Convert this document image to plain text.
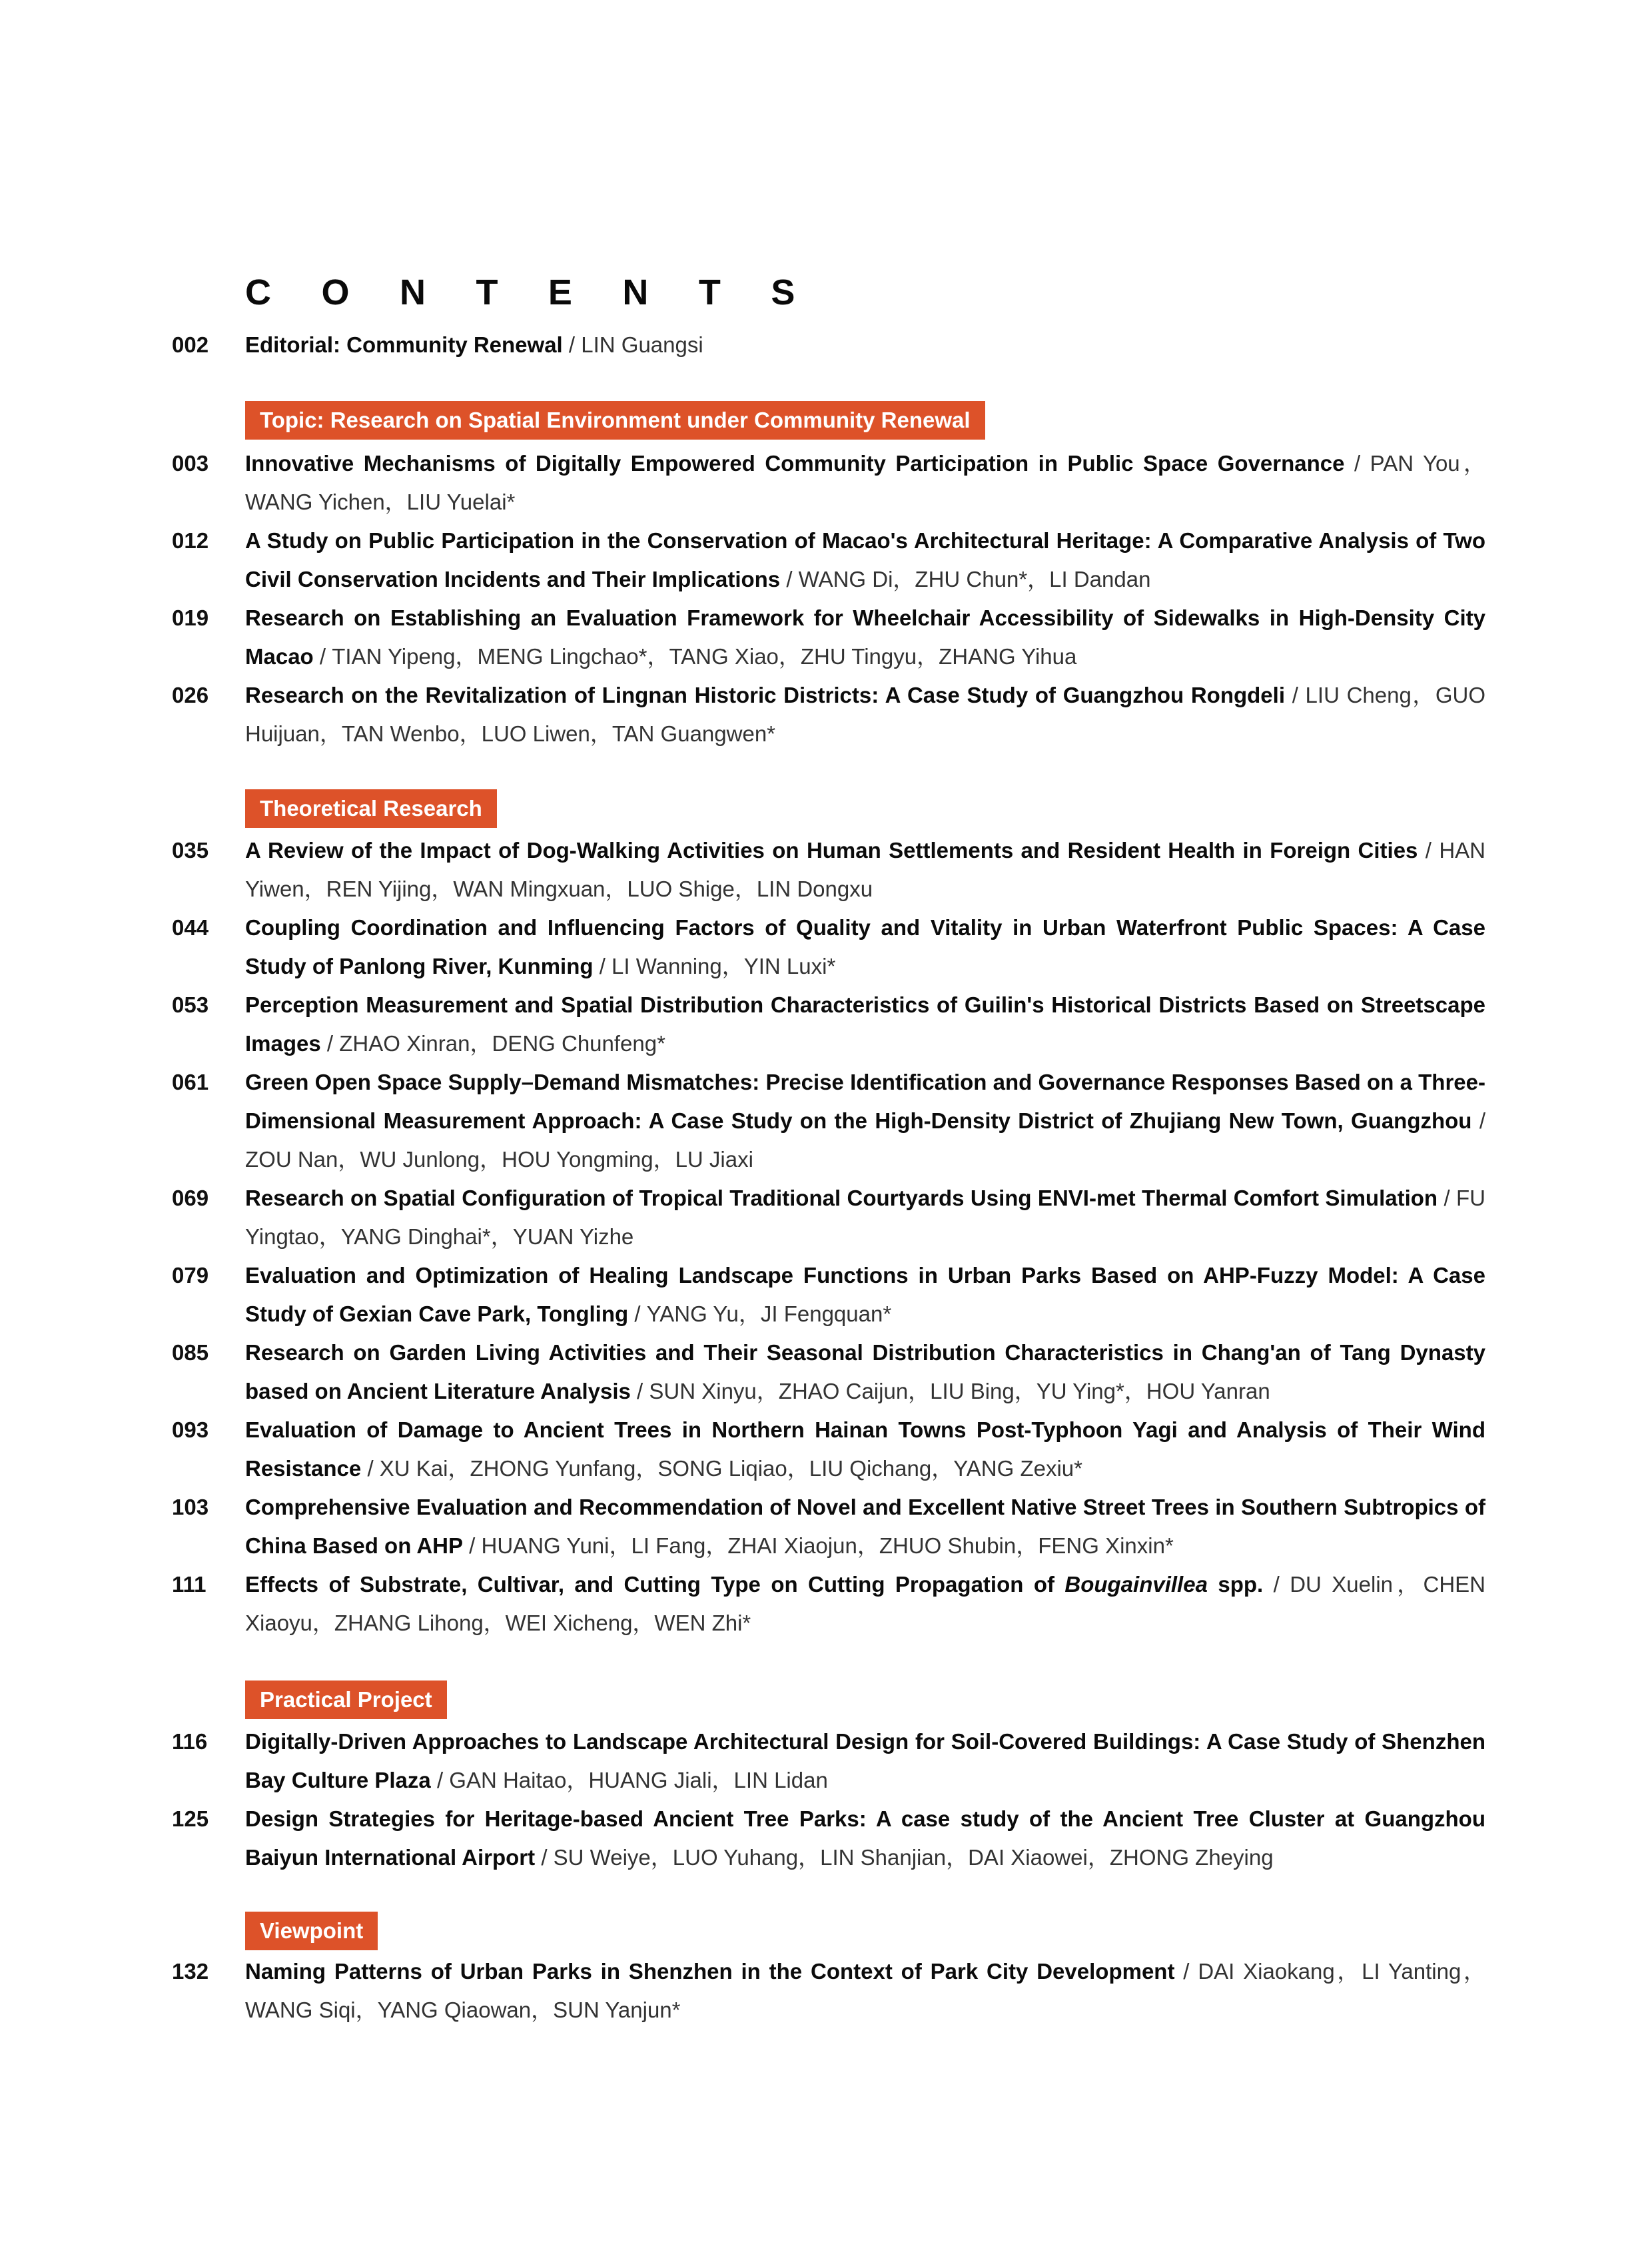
C O N T E N T S
002 Editorial: Community Renewal / LIN Guangsi
Topic: Research on Spatial Environment under Community Renewal
003 Innovative Mechanisms of Digitally Empowered Community Participation in Public Space Governance / PAN You，WANG Yichen，LIU Yuelai*
012 A Study on Public Participation in the Conservation of Macao's Architectural Heritage: A Comparative Analysis of Two Civil Conservation Incidents and Their Implications / WANG Di，ZHU Chun*，LI Dandan
019 Research on Establishing an Evaluation Framework for Wheelchair Accessibility of Sidewalks in High-Density City Macao / TIAN Yipeng，MENG Lingchao*，TANG Xiao，ZHU Tingyu，ZHANG Yihua
026 Research on the Revitalization of Lingnan Historic Districts: A Case Study of Guangzhou Rongdeli / LIU Cheng，GUO Huijuan，TAN Wenbo，LUO Liwen，TAN Guangwen*
Theoretical Research
035 A Review of the Impact of Dog-Walking Activities on Human Settlements and Resident Health in Foreign Cities / HAN Yiwen，REN Yijing，WAN Mingxuan，LUO Shige，LIN Dongxu
044 Coupling Coordination and Influencing Factors of Quality and Vitality in Urban Waterfront Public Spaces: A Case Study of Panlong River, Kunming / LI Wanning，YIN Luxi*
053 Perception Measurement and Spatial Distribution Characteristics of Guilin's Historical Districts Based on Streetscape Images / ZHAO Xinran，DENG Chunfeng*
061 Green Open Space Supply–Demand Mismatches: Precise Identification and Governance Responses Based on a Three-Dimensional Measurement Approach: A Case Study on the High-Density District of Zhujiang New Town, Guangzhou / ZOU Nan，WU Junlong，HOU Yongming，LU Jiaxi
069 Research on Spatial Configuration of Tropical Traditional Courtyards Using ENVI-met Thermal Comfort Simulation / FU Yingtao，YANG Dinghai*，YUAN Yizhe
079 Evaluation and Optimization of Healing Landscape Functions in Urban Parks Based on AHP-Fuzzy Model: A Case Study of Gexian Cave Park, Tongling / YANG Yu，JI Fengquan*
085 Research on Garden Living Activities and Their Seasonal Distribution Characteristics in Chang'an of Tang Dynasty based on Ancient Literature Analysis / SUN Xinyu，ZHAO Caijun，LIU Bing，YU Ying*，HOU Yanran
093 Evaluation of Damage to Ancient Trees in Northern Hainan Towns Post-Typhoon Yagi and Analysis of Their Wind Resistance / XU Kai，ZHONG Yunfang，SONG Liqiao，LIU Qichang，YANG Zexiu*
103 Comprehensive Evaluation and Recommendation of Novel and Excellent Native Street Trees in Southern Subtropics of China Based on AHP / HUANG Yuni，LI Fang，ZHAI Xiaojun，ZHUO Shubin，FENG Xinxin*
111 Effects of Substrate, Cultivar, and Cutting Type on Cutting Propagation of Bougainvillea spp. / DU Xuelin，CHEN Xiaoyu，ZHANG Lihong，WEI Xicheng，WEN Zhi*
Practical Project
116 Digitally-Driven Approaches to Landscape Architectural Design for Soil-Covered Buildings: A Case Study of Shenzhen Bay Culture Plaza / GAN Haitao，HUANG Jiali，LIN Lidan
125 Design Strategies for Heritage-based Ancient Tree Parks: A case study of the Ancient Tree Cluster at Guangzhou Baiyun International Airport / SU Weiye，LUO Yuhang，LIN Shanjian，DAI Xiaowei，ZHONG Zheying
Viewpoint
132 Naming Patterns of Urban Parks in Shenzhen in the Context of Park City Development / DAI Xiaokang，LI Yanting，WANG Siqi，YANG Qiaowan，SUN Yanjun*
